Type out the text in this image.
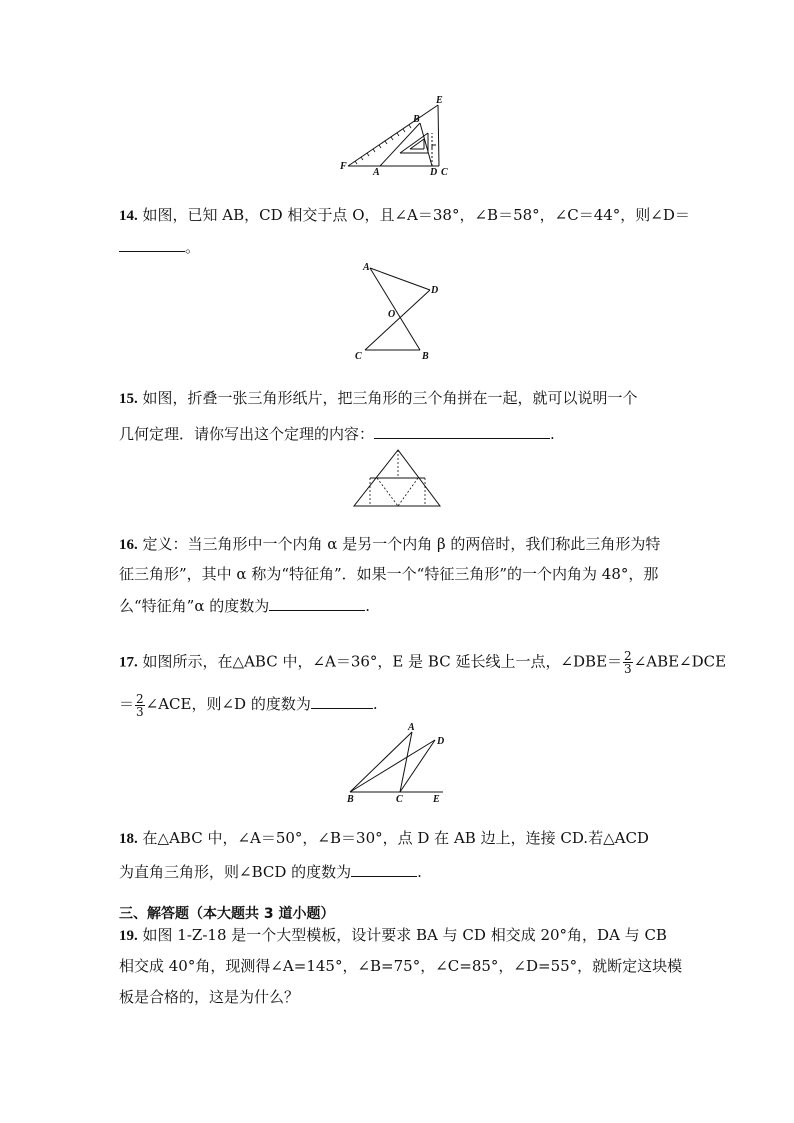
E
B
F
A	D C
14. 如图，已知 AB，CD 相交于点 O，且∠A＝38°，∠B＝58°，∠C＝44°，则∠D＝
。
A
D
O
C	B
15. 如图，折叠一张三角形纸片，把三角形的三个角拼在一起，就可以说明一个
几何定理．请你写出这个定理的内容：	.
16. 定义：当三角形中一个内角 α 是另一个内角 β 的两倍时，我们称此三角形为特
征三角形”，其中 α 称为“特征角”．如果一个“特征三角形”的一个内角为 48°，那
么“特征角”α 的度数为	.
17. 如图所示，在△ABC 中，∠A＝36°，E 是 BC 延长线上一点，∠DBE＝ $\frac{2}{3}$ ∠ABE∠DCE
＝ $\frac{2}{3}$ ∠ACE，则∠D 的度数为	.
A
D
B	C	E
18. 在△ABC 中，∠A＝50°，∠B＝30°，点 D 在 AB 边上，连接 CD.若△ACD
为直角三角形，则∠BCD 的度数为	.
三、解答题（本大题共 3 道小题）
19. 如图 1-Z-18 是一个大型模板，设计要求 BA 与 CD 相交成 20°角，DA 与 CB
相交成 40°角，现测得∠A=145°，∠B=75°，∠C=85°，∠D=55°，就断定这块模
板是合格的，这是为什么？
